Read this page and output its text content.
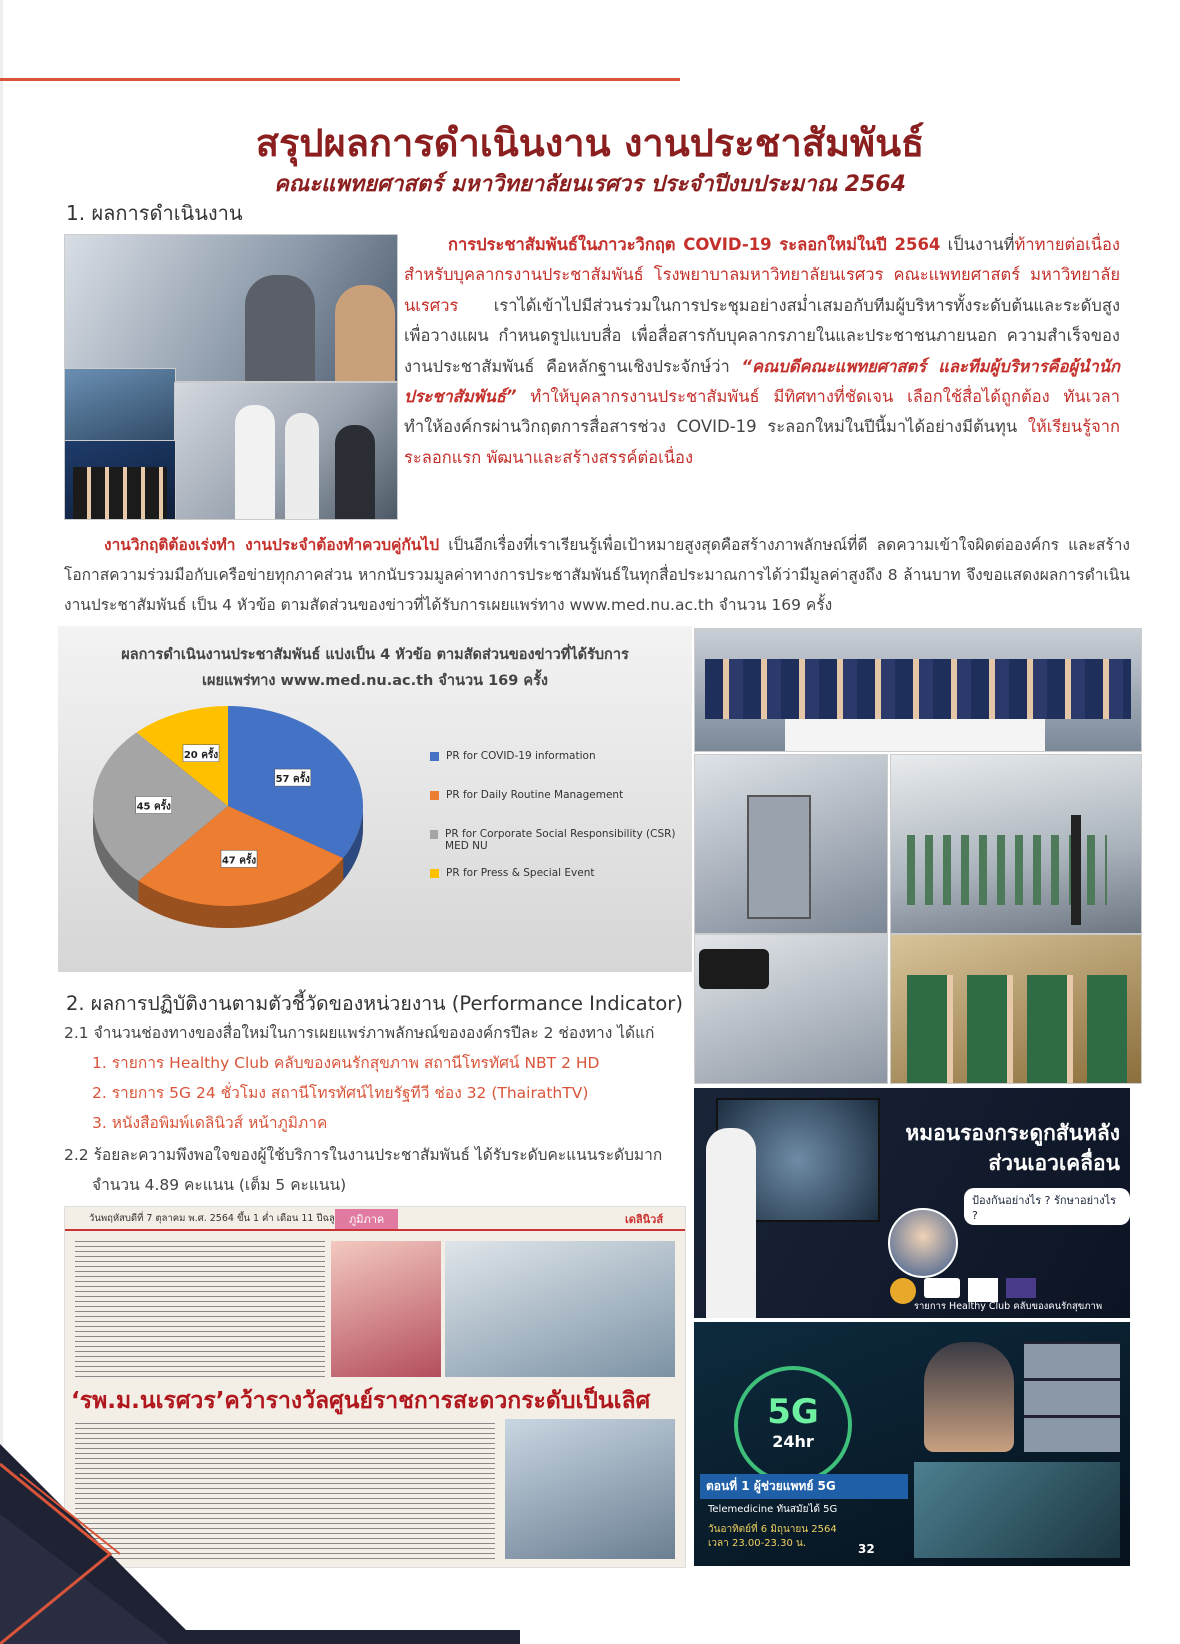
สรุปผลการดำเนินงาน งานประชาสัมพันธ์
คณะแพทยศาสตร์ มหาวิทยาลัยนเรศวร ประจำปีงบประมาณ 2564
1. ผลการดำเนินงาน
การประชาสัมพันธ์ในภาวะวิกฤต COVID-19 ระลอกใหม่ในปี 2564 เป็นงานที่ท้าทายต่อเนื่องสำหรับบุคลากรงานประชาสัมพันธ์ โรงพยาบาลมหาวิทยาลัยนเรศวร คณะแพทยศาสตร์ มหาวิทยาลัยนเรศวร เราได้เข้าไปมีส่วนร่วมในการประชุมอย่างสม่ำเสมอกับทีมผู้บริหารทั้งระดับต้นและระดับสูง เพื่อวางแผน กำหนดรูปแบบสื่อ เพื่อสื่อสารกับบุคลากรภายในและประชาชนภายนอก ความสำเร็จของงานประชาสัมพันธ์ คือหลักฐานเชิงประจักษ์ว่า “คณบดีคณะแพทยศาสตร์ และทีมผู้บริหารคือผู้นำนักประชาสัมพันธ์” ทำให้บุคลากรงานประชาสัมพันธ์ มีทิศทางที่ชัดเจน เลือกใช้สื่อได้ถูกต้อง ทันเวลา ทำให้องค์กรผ่านวิกฤตการสื่อสารช่วง COVID-19 ระลอกใหม่ในปีนี้มาได้อย่างมีต้นทุน ให้เรียนรู้จากระลอกแรก พัฒนาและสร้างสรรค์ต่อเนื่อง
งานวิกฤติต้องเร่งทำ งานประจำต้องทำควบคู่กันไป เป็นอีกเรื่องที่เราเรียนรู้เพื่อเป้าหมายสูงสุดคือสร้างภาพลักษณ์ที่ดี ลดความเข้าใจผิดต่อองค์กร และสร้างโอกาสความร่วมมือกับเครือข่ายทุกภาคส่วน หากนับรวมมูลค่าทางการประชาสัมพันธ์ในทุกสื่อประมาณการได้ว่ามีมูลค่าสูงถึง 8 ล้านบาท จึงขอแสดงผลการดำเนินงานประชาสัมพันธ์ เป็น 4 หัวข้อ ตามสัดส่วนของข่าวที่ได้รับการเผยแพร่ทาง www.med.nu.ac.th จำนวน 169 ครั้ง
ผลการดำเนินงานประชาสัมพันธ์ แบ่งเป็น 4 หัวข้อ ตามสัดส่วนของข่าวที่ได้รับการ
เผยแพร่ทาง www.med.nu.ac.th จำนวน 169 ครั้ง
57 ครั้ง
47 ครั้ง
45 ครั้ง
20 ครั้ง	PR for COVID-19 information
PR for Daily Routine Management
PR for Corporate Social Responsibility (CSR) MED NU
PR for Press & Special Event
หมอนรองกระดูกสันหลัง
ส่วนเอวเคลื่อน
ป้องกันอย่างไร ? รักษาอย่างไร ?
รายการ Healthy Club คลับของคนรักสุขภาพ
5G
24hr
ตอนที่ 1 ผู้ช่วยแพทย์ 5G
Telemedicine ทันสมัยได้ 5G
วันอาทิตย์ที่ 6 มิถุนายน 2564
เวลา 23.00-23.30 น.	32
2. ผลการปฏิบัติงานตามตัวชี้วัดของหน่วยงาน (Performance Indicator)
2.1 จำนวนช่องทางของสื่อใหม่ในการเผยแพร่ภาพลักษณ์ขององค์กรปีละ 2 ช่องทาง ได้แก่
1. รายการ Healthy Club คลับของคนรักสุขภาพ สถานีโทรทัศน์ NBT 2 HD
2. รายการ 5G 24 ชั่วโมง สถานีโทรทัศน์ไทยรัฐทีวี ช่อง 32 (ThairathTV)
3. หนังสือพิมพ์เดลินิวส์ หน้าภูมิภาค
2.2 ร้อยละความพึงพอใจของผู้ใช้บริการในงานประชาสัมพันธ์ ได้รับระดับคะแนนระดับมาก
จำนวน 4.89 คะแนน (เต็ม 5 คะแนน)
วันพฤหัสบดีที่ 7 ตุลาคม พ.ศ. 2564 ขึ้น 1 ค่ำ เดือน 11 ปีฉลู	ภูมิภาค	เดลินิวส์
‘รพ.ม.นเรศวร’คว้ารางวัลศูนย์ราชการสะดวกระดับเป็นเลิศ
